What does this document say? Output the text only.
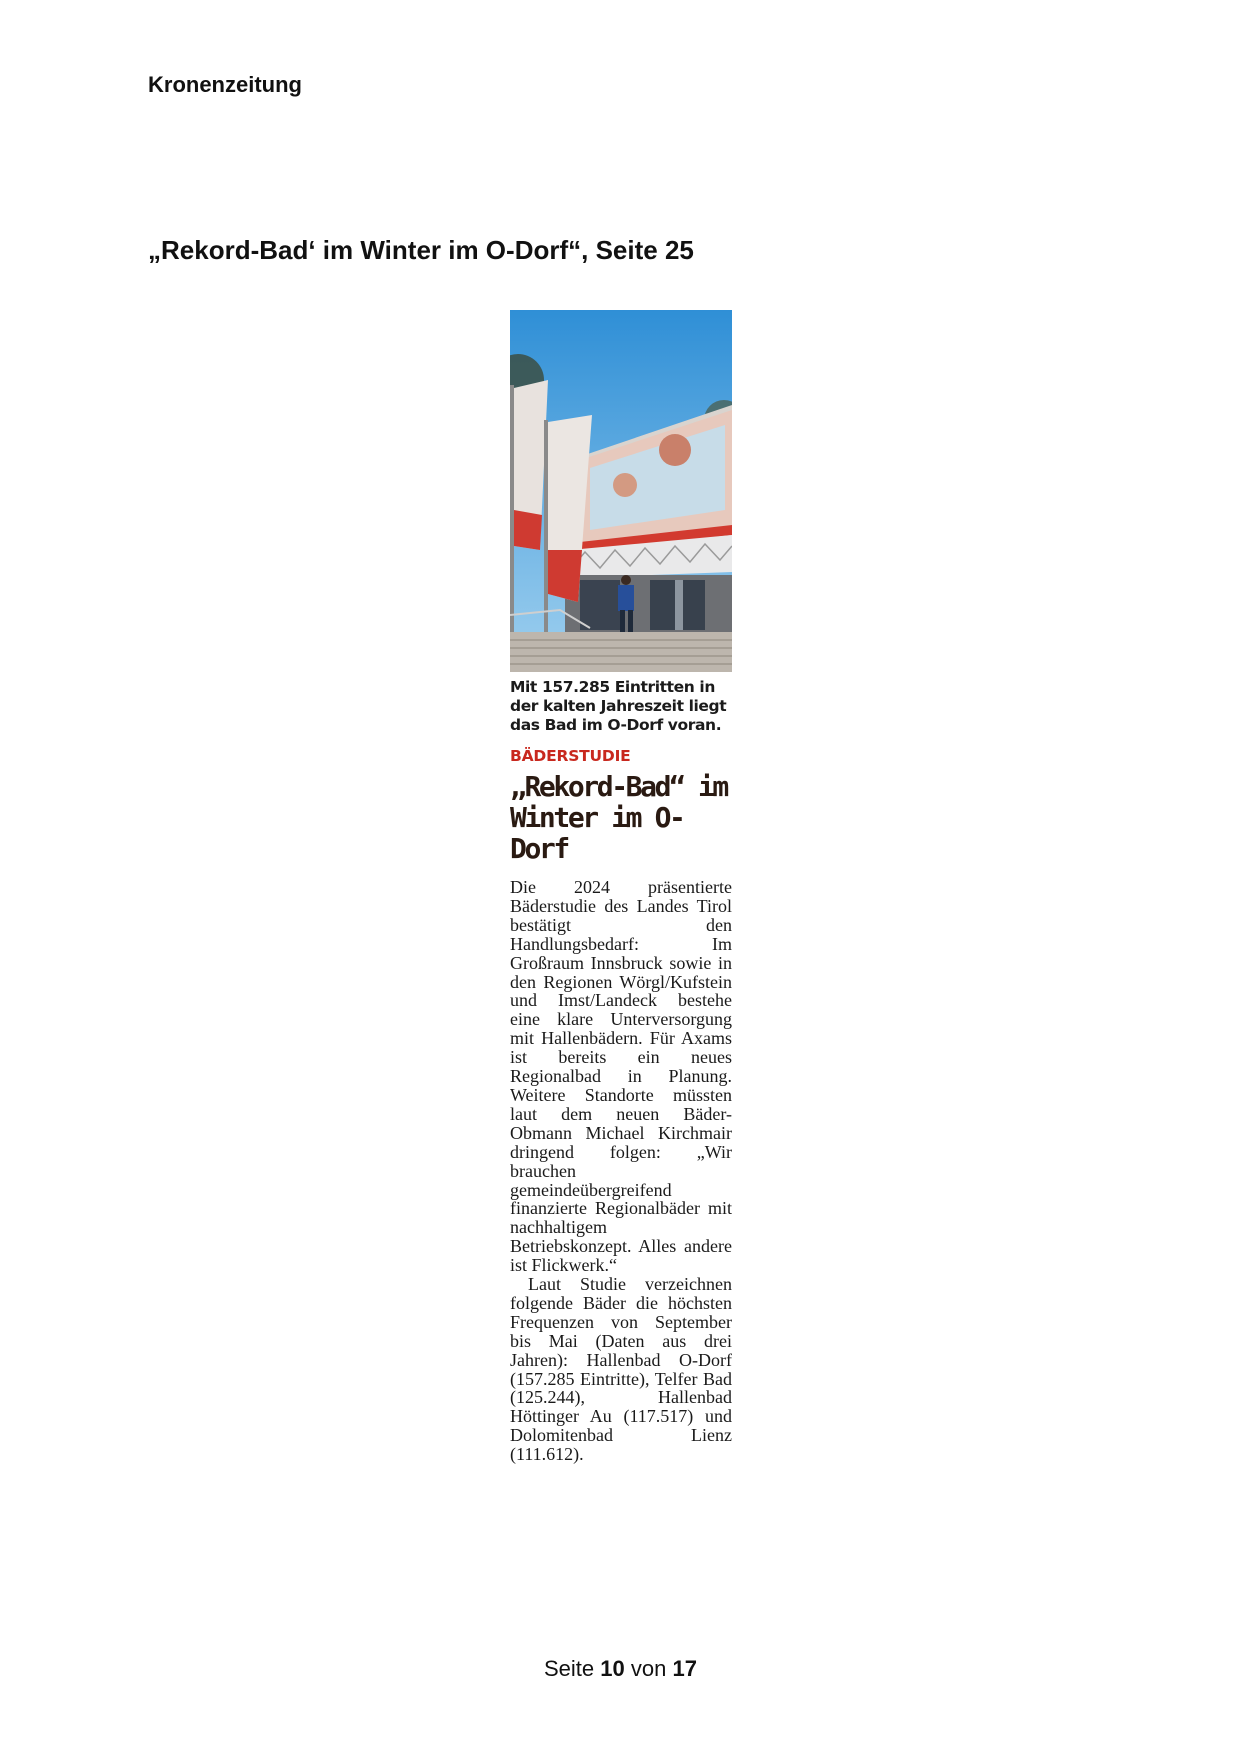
Kronenzeitung
„Rekord-Bad‘ im Winter im O-Dorf“, Seite 25
Mit 157.285 Eintritten in der kalten Jahreszeit liegt das Bad im O-Dorf voran.
BÄDERSTUDIE
„Rekord-Bad“ im Winter im O-Dorf

Die 2024 präsentierte Bäderstudie des Landes Tirol bestätigt den Handlungsbedarf: Im Großraum Innsbruck sowie in den Regionen Wörgl/Kufstein und Imst/Landeck bestehe eine klare Unterversorgung mit Hallenbädern. Für Axams ist bereits ein neues Regionalbad in Planung. Weitere Standorte müssten laut dem neuen Bäder-Obmann Michael Kirchmair dringend folgen: „Wir brauchen gemeindeübergreifend finanzierte Regionalbäder mit nachhaltigem Betriebskonzept. Alles andere ist Flickwerk.“

Laut Studie verzeichnen folgende Bäder die höchsten Frequenzen von September bis Mai (Daten aus drei Jahren): Hallenbad O-Dorf (157.285 Eintritte), Telfer Bad (125.244), Hallenbad Höttinger Au (117.517) und Dolomitenbad Lienz (111.612).

Seite 10 von 17
